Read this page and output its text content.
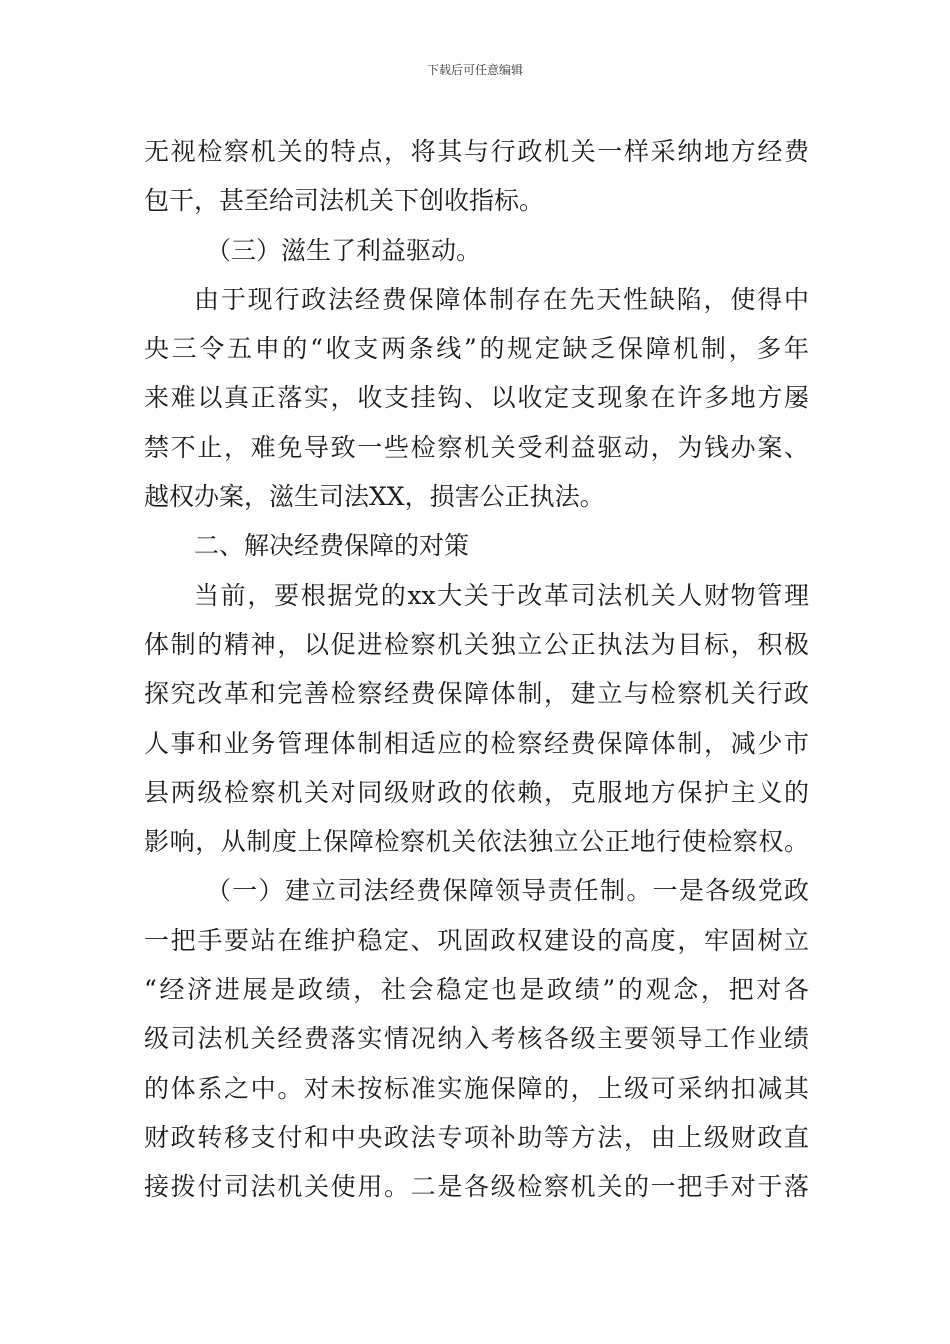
下载后可任意编辑
无视检察机关的特点，将其与行政机关一样采纳地方经费
包干，甚至给司法机关下创收指标。
（三）滋生了利益驱动。
由于现行政法经费保障体制存在先天性缺陷，使得中
央三令五申的“收支两条线”的规定缺乏保障机制，多年
来难以真正落实，收支挂钩、以收定支现象在许多地方屡
禁不止，难免导致一些检察机关受利益驱动，为钱办案、
越权办案，滋生司法XX，损害公正执法。
二、解决经费保障的对策
当前，要根据党的xx大关于改革司法机关人财物管理
体制的精神，以促进检察机关独立公正执法为目标，积极
探究改革和完善检察经费保障体制，建立与检察机关行政
人事和业务管理体制相适应的检察经费保障体制，减少市
县两级检察机关对同级财政的依赖，克服地方保护主义的
影响，从制度上保障检察机关依法独立公正地行使检察权。
（一）建立司法经费保障领导责任制。一是各级党政
一把手要站在维护稳定、巩固政权建设的高度，牢固树立
“经济进展是政绩，社会稳定也是政绩”的观念，把对各
级司法机关经费落实情况纳入考核各级主要领导工作业绩
的体系之中。对未按标准实施保障的，上级可采纳扣减其
财政转移支付和中央政法专项补助等方法，由上级财政直
接拨付司法机关使用。二是各级检察机关的一把手对于落
